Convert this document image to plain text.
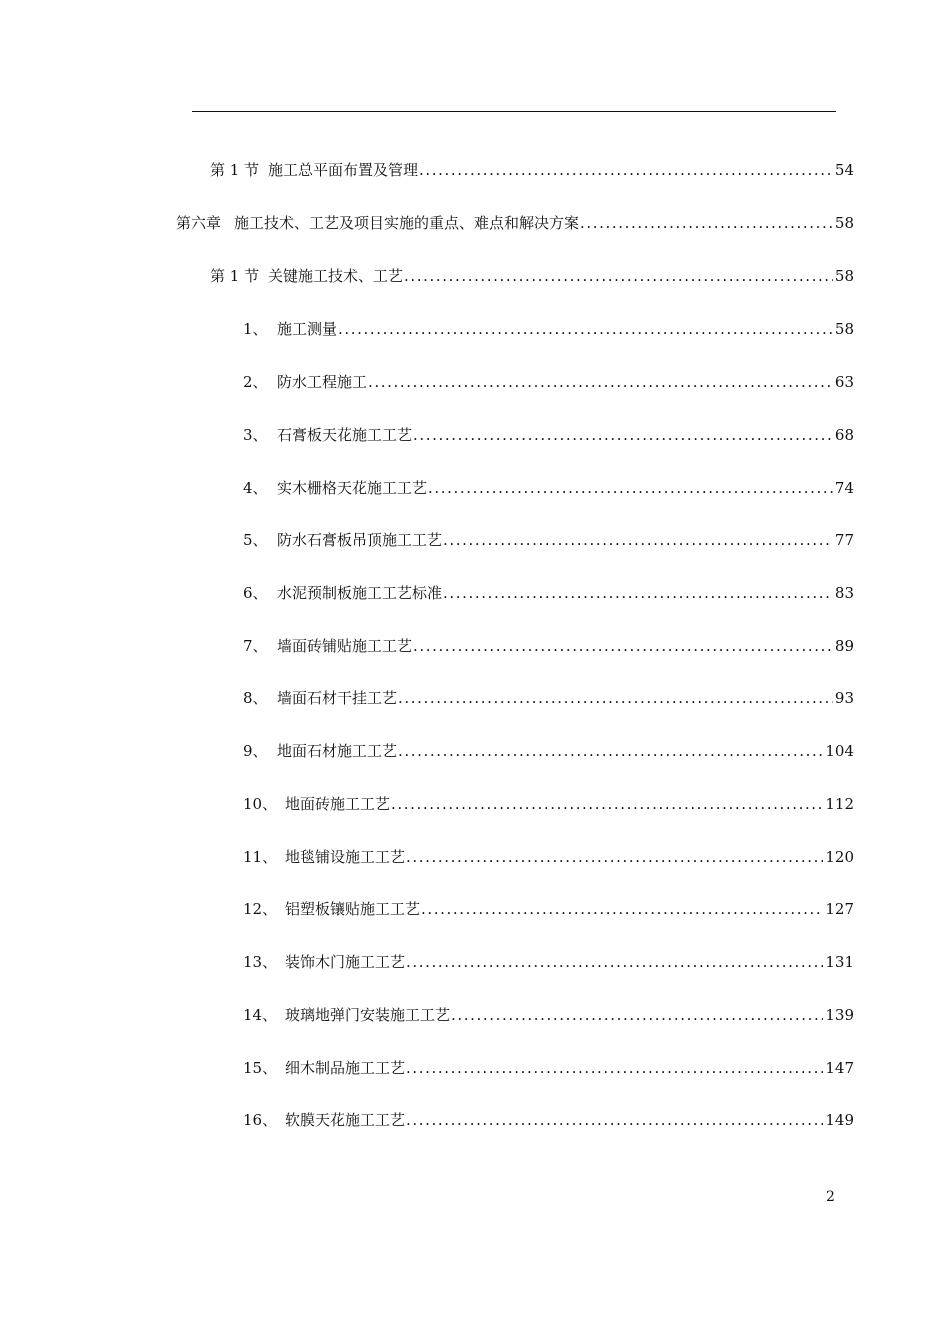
第 1 节 施工总平面布置及管理 .....	54
第六章 施工技术、工艺及项目实施的重点、难点和解决方案 .....	58
第 1 节 关键施工技术、工艺 .....	58
1、 施工测量 .....	58
2、 防水工程施工 .....	63
3、 石膏板天花施工工艺 .....	68
4、 实木栅格天花施工工艺 .....	74
5、 防水石膏板吊顶施工工艺 .....	77
6、 水泥预制板施工工艺标准 .....	83
7、 墙面砖铺贴施工工艺 .....	89
8、 墙面石材干挂工艺 .....	93
9、 地面石材施工工艺 .....	104
10、 地面砖施工工艺 .....	112
11、 地毯铺设施工工艺 .....	120
12、 铝塑板镶贴施工工艺 .....	127
13、 装饰木门施工工艺 .....	131
14、 玻璃地弹门安装施工工艺 .....	139
15、 细木制品施工工艺 .....	147
16、 软膜天花施工工艺 .....	149
2
